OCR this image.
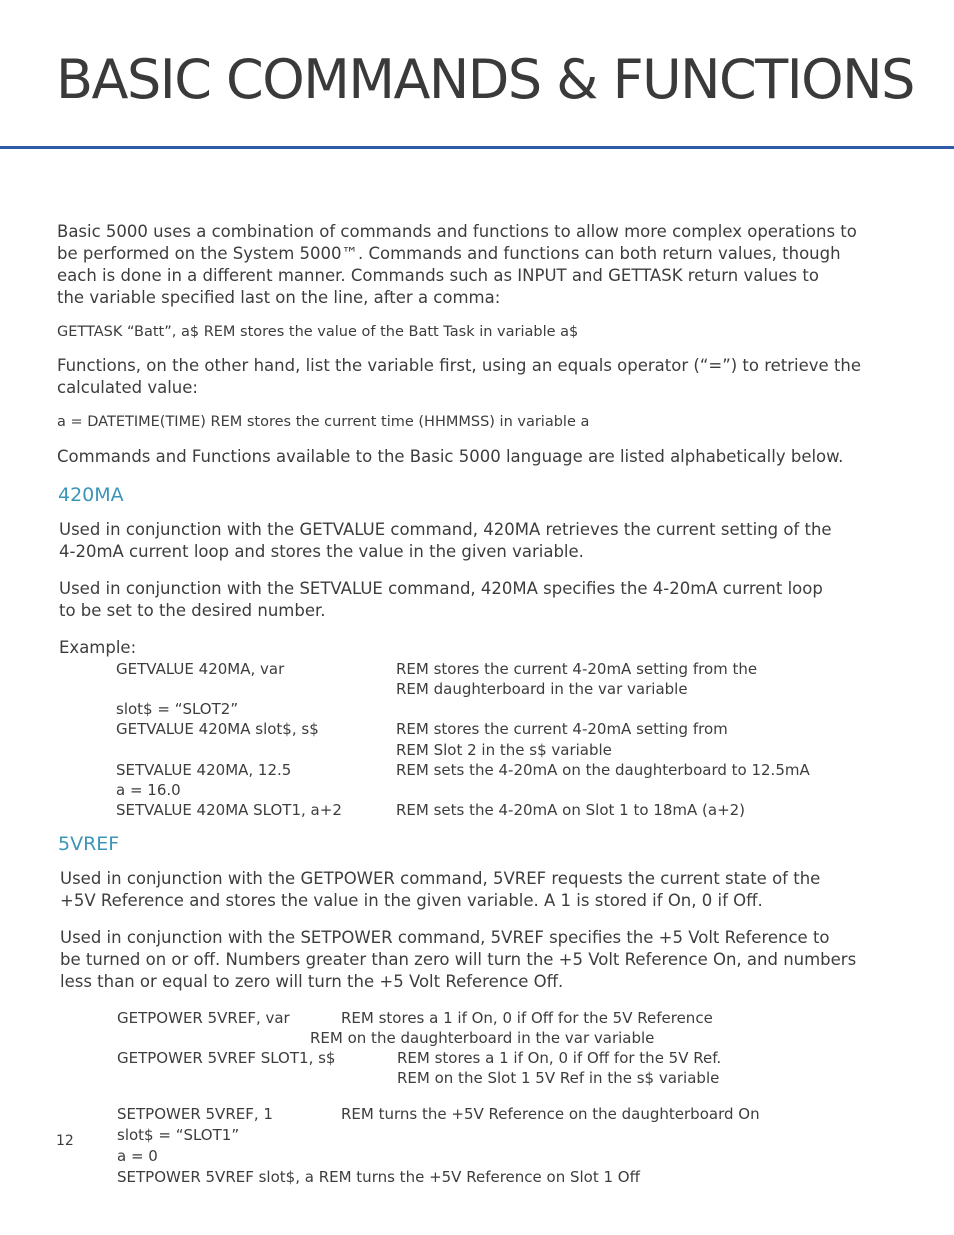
BASIC COMMANDS & FUNCTIONS

Basic 5000 uses a combination of commands and functions to allow more complex operations to

be performed on the System 5000™. Commands and functions can both return values, though

each is done in a different manner. Commands such as INPUT and GETTASK return values to

the variable specified last on the line, after a comma:

GETTASK “Batt”, a$ REM stores the value of the Batt Task in variable a$

Functions, on the other hand, list the variable first, using an equals operator (“=”) to retrieve the

calculated value:

a = DATETIME(TIME) REM stores the current time (HHMMSS) in variable a

Commands and Functions available to the Basic 5000 language are listed alphabetically below.

420MA

Used in conjunction with the GETVALUE command, 420MA retrieves the current setting of the

4-20mA current loop and stores the value in the given variable.

Used in conjunction with the SETVALUE command, 420MA specifies the 4-20mA current loop

to be set to the desired number.

Example:

GETVALUE 420MA, var	REM stores the current 4-20mA setting from the
REM daughterboard in the var variable
slot$ = “SLOT2”
GETVALUE 420MA slot$, s$	REM stores the current 4-20mA setting from
REM Slot 2 in the s$ variable
SETVALUE 420MA, 12.5	REM sets the 4-20mA on the daughterboard to 12.5mA
a = 16.0
SETVALUE 420MA SLOT1, a+2	REM sets the 4-20mA on Slot 1 to 18mA (a+2)
5VREF

Used in conjunction with the GETPOWER command, 5VREF requests the current state of the

+5V Reference and stores the value in the given variable. A 1 is stored if On, 0 if Off.

Used in conjunction with the SETPOWER command, 5VREF specifies the +5 Volt Reference to

be turned on or off. Numbers greater than zero will turn the +5 Volt Reference On, and numbers

less than or equal to zero will turn the +5 Volt Reference Off.

GETPOWER 5VREF, var	REM stores a 1 if On, 0 if Off for the 5V Reference
REM on the daughterboard in the var variable
GETPOWER 5VREF SLOT1, s$	REM stores a 1 if On, 0 if Off for the 5V Ref.
REM on the Slot 1 5V Ref in the s$ variable
SETPOWER 5VREF, 1	REM turns the +5V Reference on the daughterboard On
slot$ = “SLOT1”
a = 0
SETPOWER 5VREF slot$, a REM turns the +5V Reference on Slot 1 Off
12
